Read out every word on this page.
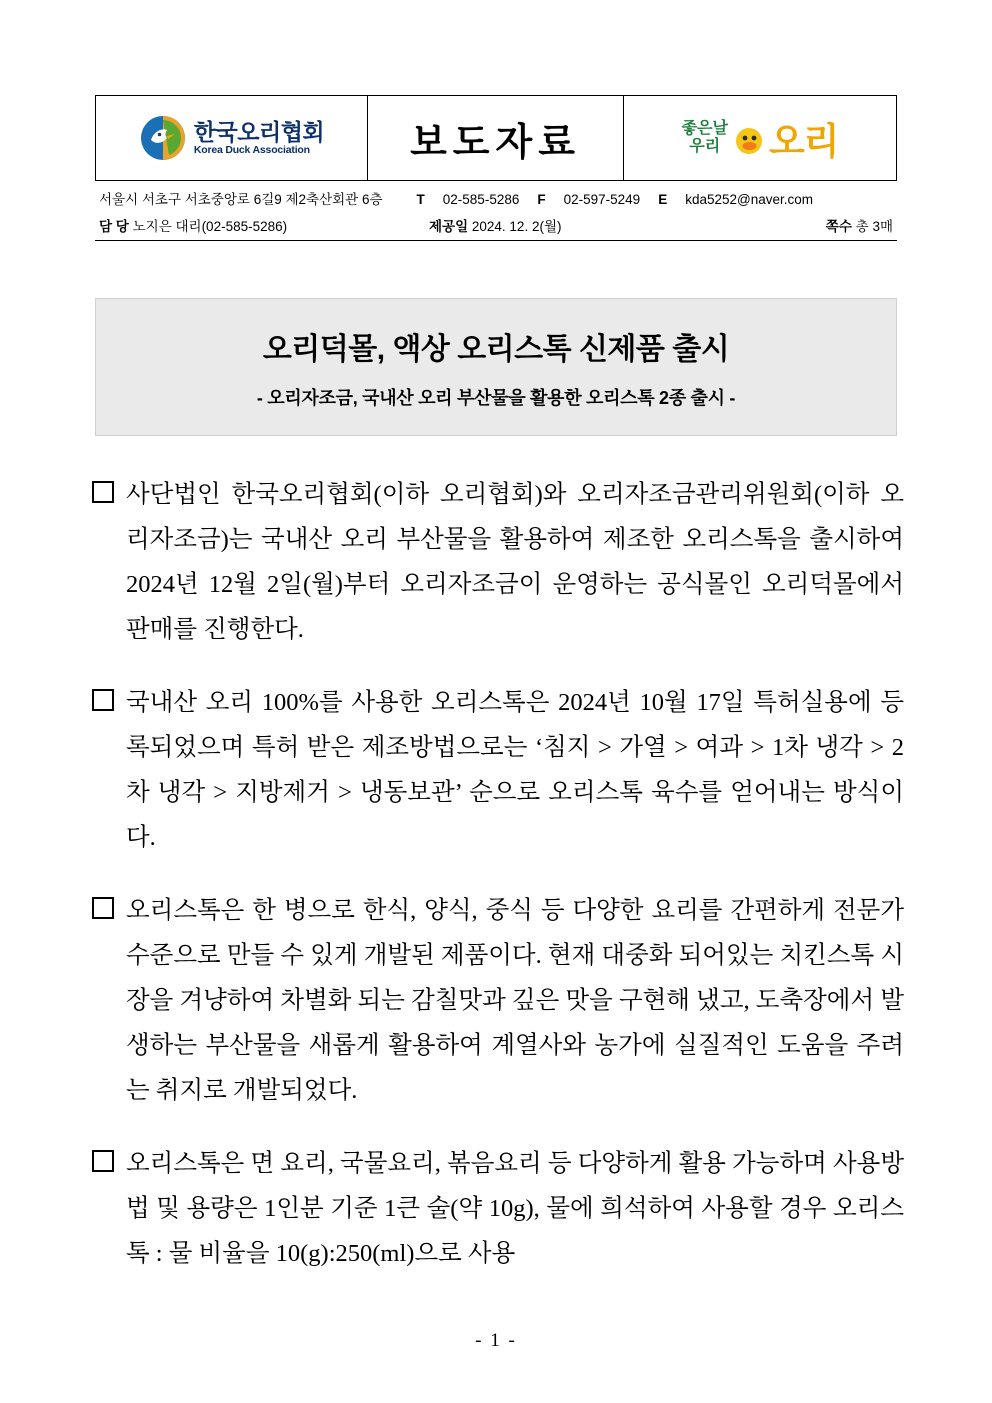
한국오리협회
Korea Duck Association	보도자료	좋은날
우리 오리
서울시 서초구 서초중앙로 6길9 제2축산회관 6층	T 02-585-5286 F 02-597-5249 E kda5252@naver.com
담 당 노지은 대리(02-585-5286)	제공일 2024. 12. 2(월)	쪽수 총 3매
오리덕몰, 액상 오리스톡 신제품 출시
- 오리자조금, 국내산 오리 부산물을 활용한 오리스톡 2종 출시 -
사단법인 한국오리협회(이하 오리협회)와 오리자조금관리위원회(이하 오리자조금)는 국내산 오리 부산물을 활용하여 제조한 오리스톡을 출시하여 2024년 12월 2일(월)부터 오리자조금이 운영하는 공식몰인 오리덕몰에서 판매를 진행한다.
국내산 오리 100%를 사용한 오리스톡은 2024년 10월 17일 특허실용에 등록되었으며 특허 받은 제조방법으로는 ‘침지 > 가열 > 여과 > 1차 냉각 > 2차 냉각 > 지방제거 > 냉동보관’ 순으로 오리스톡 육수를 얻어내는 방식이다.
오리스톡은 한 병으로 한식, 양식, 중식 등 다양한 요리를 간편하게 전문가 수준으로 만들 수 있게 개발된 제품이다. 현재 대중화 되어있는 치킨스톡 시장을 겨냥하여 차별화 되는 감칠맛과 깊은 맛을 구현해 냈고, 도축장에서 발생하는 부산물을 새롭게 활용하여 계열사와 농가에 실질적인 도움을 주려는 취지로 개발되었다.
오리스톡은 면 요리, 국물요리, 볶음요리 등 다양하게 활용 가능하며 사용방법 및 용량은 1인분 기준 1큰 술(약 10g), 물에 희석하여 사용할 경우 오리스톡 : 물 비율을 10(g):250(ml)으로 사용
- 1 -
